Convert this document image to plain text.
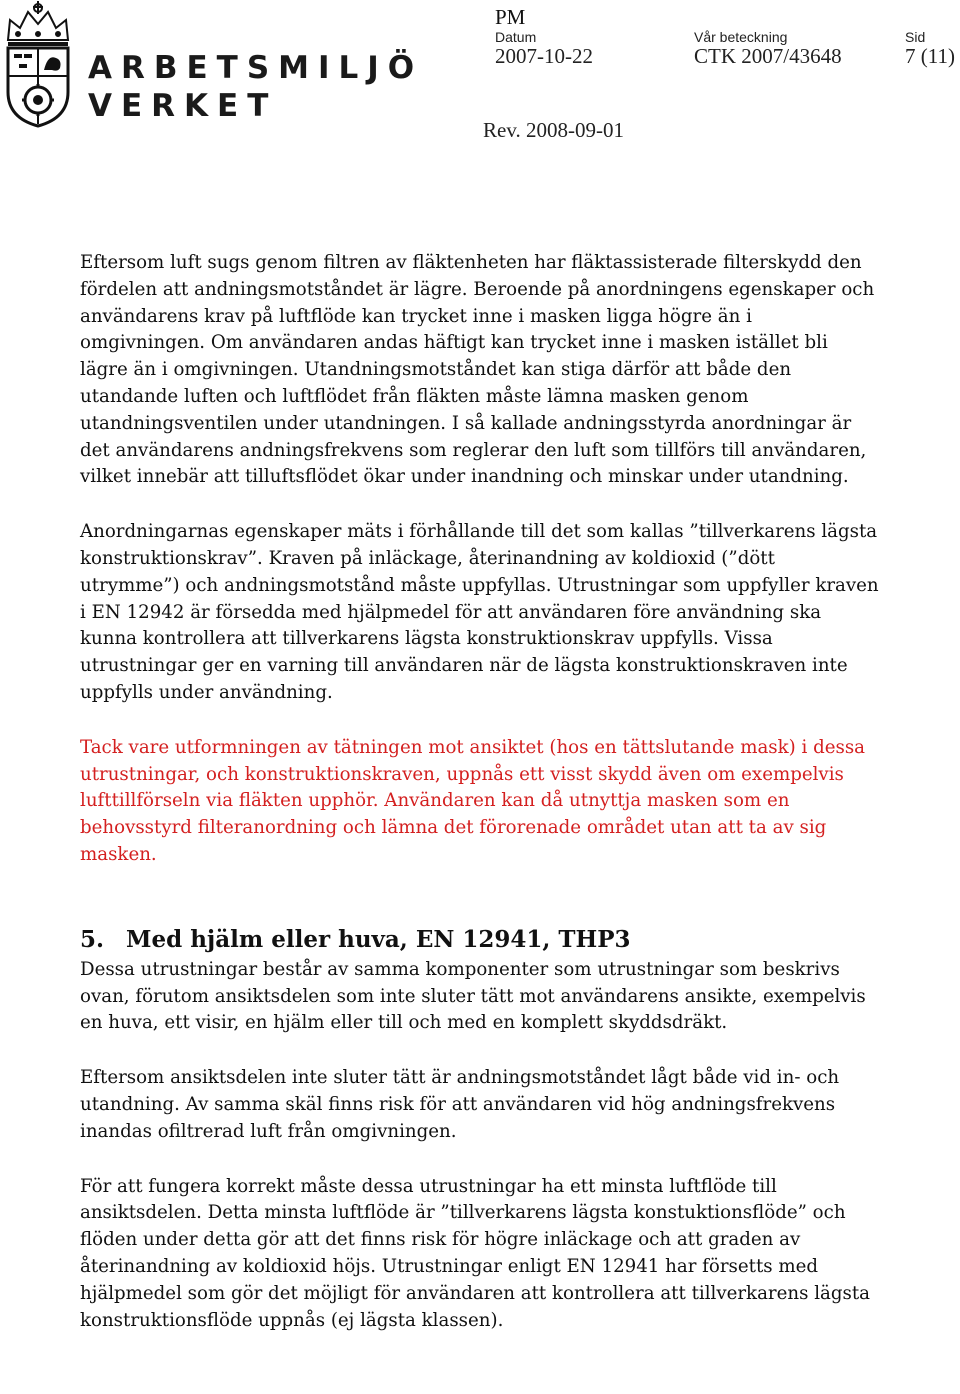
ARBETSMILJÖ
VERKET
PM
Datum	Vår beteckning	Sid
2007-10-22	CTK 2007/43648	7 (11)
Rev. 2008-09-01

Eftersom luft sugs genom filtren av fläktenheten har fläktassisterade filterskydd den fördelen att andningsmotståndet är lägre. Beroende på anordningens egenskaper och användarens krav på luftflöde kan trycket inne i masken ligga högre än i omgivningen. Om användaren andas häftigt kan trycket inne i masken istället bli lägre än i omgivningen. Utandningsmotståndet kan stiga därför att både den utandande luften och luftflödet från fläkten måste lämna masken genom utandningsventilen under utandningen. I så kallade andningsstyrda anordningar är det användarens andningsfrekvens som reglerar den luft som tillförs till användaren, vilket innebär att tilluftsflödet ökar under inandning och minskar under utandning.

Anordningarnas egenskaper mäts i förhållande till det som kallas ”tillverkarens lägsta konstruktionskrav”. Kraven på inläckage, återinandning av koldioxid (”dött utrymme”) och andningsmotstånd måste uppfyllas. Utrustningar som uppfyller kraven i EN 12942 är försedda med hjälpmedel för att användaren före användning ska kunna kontrollera att tillverkarens lägsta konstruktionskrav uppfylls. Vissa utrustningar ger en varning till användaren när de lägsta konstruktionskraven inte uppfylls under användning.

Tack vare utformningen av tätningen mot ansiktet (hos en tättslutande mask) i dessa utrustningar, och konstruktionskraven, uppnås ett visst skydd även om exempelvis lufttillförseln via fläkten upphör. Användaren kan då utnyttja masken som en behovsstyrd filteranordning och lämna det förorenade området utan att ta av sig masken.

5. Med hjälm eller huva, EN 12941, THP3

Dessa utrustningar består av samma komponenter som utrustningar som beskrivs ovan, förutom ansiktsdelen som inte sluter tätt mot användarens ansikte, exempelvis en huva, ett visir, en hjälm eller till och med en komplett skyddsdräkt.

Eftersom ansiktsdelen inte sluter tätt är andningsmotståndet lågt både vid in- och utandning. Av samma skäl finns risk för att användaren vid hög andningsfrekvens inandas ofiltrerad luft från omgivningen.

För att fungera korrekt måste dessa utrustningar ha ett minsta luftflöde till ansiktsdelen. Detta minsta luftflöde är ”tillverkarens lägsta konstuktionsflöde” och flöden under detta gör att det finns risk för högre inläckage och att graden av återinandning av koldioxid höjs. Utrustningar enligt EN 12941 har försetts med hjälpmedel som gör det möjligt för användaren att kontrollera att tillverkarens lägsta konstruktionsflöde uppnås (ej lägsta klassen).
